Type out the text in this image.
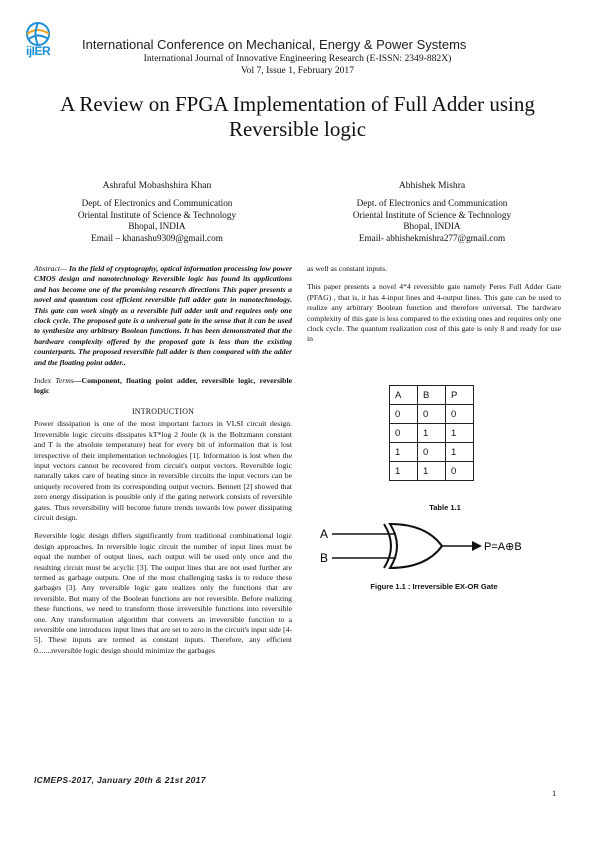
ijIER International Conference on Mechanical, Energy & Power Systems
International Journal of Innovative Engineering Research (E-ISSN: 2349-882X)
Vol 7, Issue 1, February 2017
A Review on FPGA Implementation of Full Adder using Reversible logic
Ashraful Mobashshira Khan
Dept. of Electronics and Communication
Oriental Institute of Science & Technology
Bhopal, INDIA
Email – khanashu9309@gmail.com
Abhishek Mishra
Dept. of Electronics and Communication
Oriental Institute of Science & Technology
Bhopal, INDIA
Email- abhishekmishra277@gmail.com

Abstract— In the field of cryptography, optical information processing low power CMOS design and nanotechnology Reversible logic has found its applications and has become one of the promising research directions This paper presents a novel and quantum cost efficient reversible full adder gate in nanotechnology. This gate can work singly as a reversible full adder unit and requires only one clock cycle. The proposed gate is a universal gate in the sense that it can be used to synthesize any arbitrary Boolean functions. It has been demonstrated that the hardware complexity offered by the proposed gate is less than the existing counterparts. The proposed reversible full adder is then compared with the adder and the floating point adder..

Index Terms—Component, floating point adder, reversible logic, reversible logic

INTRODUCTION

Power dissipation is one of the most important factors in VLSI circuit design. Irreversible logic circuits dissipates kT*log 2 Joule (k is the Boltzmann constant and T is the absolute temperature) heat for every bit of information that is lost irrespective of their implementation technologies [1]. Information is lost when the input vectors cannot be recovered from circuit's output vectors. Reversible logic naturally takes care of heating since in reversible circuits the input vectors can be uniquely recovered from its corresponding output vectors. Bennett [2] showed that zero energy dissipation is possible only if the gating network consists of reversible gates. Thus reversibility will become future trends towards low power dissipating circuit design.

Reversible logic design differs significantly from traditional combinational logic design approaches. In reversible logic circuit the number of input lines must be equal the number of output lines, each output will be used only once and the resulting circuit must be acyclic [3]. The output lines that are not used further are termed as garbage outputs. One of the most challenging tasks is to reduce these garbages [3]. Any reversible logic gate realizes only the functions that are reversible. But many of the Boolean functions are not reversible. Before realizing these functions, we need to transform those irreversible functions into reversible one. Any transformation algorithm that converts an irreversible function to a reversible one introduces input lines that are set to zero in the circuit's input side [4-5]. These inputs are termed as constant inputs. Therefore, any efficient 0.......reversible logic design should minimize the garbages

as well as constant inputs.

This paper presents a novel 4*4 reversible gate namely Peres Full Adder Gate (PFAG) , that is, it has 4-input lines and 4-output lines. This gate can be used to realize any arbitrary Boolean function and therefore universal. The hardware complexity of this gate is less compared to the existing ones and requires only one clock cycle. The quantum realization cost of this gate is only 8 and ready for use in

A	B	P
0	0	0
0	1	1
1	0	1
1	1	0
Table 1.1
A
B
P=A⊕B
Figure 1.1 : Irreversible EX-OR Gate
ICMEPS-2017, January 20th & 21st 2017
1
